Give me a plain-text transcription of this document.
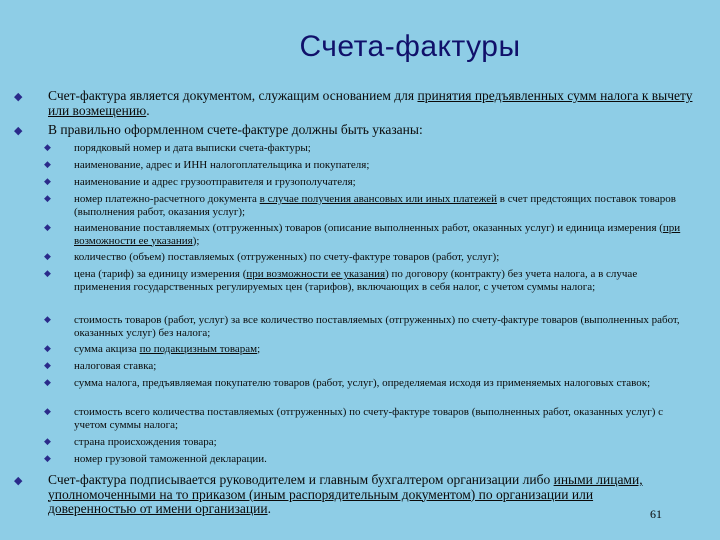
Счета-фактуры
◆ Счет-фактура является документом, служащим основанием для принятия предъявленных сумм налога к вычету или возмещению.
◆ В правильно оформленном счете-фактуре должны быть указаны:
◆ порядковый номер и дата выписки счета-фактуры;
◆ наименование, адрес и ИНН налогоплательщика и покупателя;
◆ наименование и адрес грузоотправителя и грузополучателя;
◆ номер платежно-расчетного документа в случае получения авансовых или иных платежей в счет предстоящих поставок товаров (выполнения работ, оказания услуг);
◆ наименование поставляемых (отгруженных) товаров (описание выполненных работ, оказанных услуг) и единица измерения (при возможности ее указания);
◆ количество (объем) поставляемых (отгруженных) по счету-фактуре товаров (работ, услуг);
◆ цена (тариф) за единицу измерения (при возможности ее указания) по договору (контракту) без учета налога, а в случае применения государственных регулируемых цен (тарифов), включающих в себя налог, с учетом суммы налога;
◆ стоимость товаров (работ, услуг) за все количество поставляемых (отгруженных) по счету-фактуре товаров (выполненных работ, оказанных услуг) без налога;
◆ сумма акциза по подакцизным товарам;
◆ налоговая ставка;
◆ сумма налога, предъявляемая покупателю товаров (работ, услуг), определяемая исходя из применяемых налоговых ставок;
◆ стоимость всего количества поставляемых (отгруженных) по счету-фактуре товаров (выполненных работ, оказанных услуг) с учетом суммы налога;
◆ страна происхождения товара;
◆ номер грузовой таможенной декларации.
◆ Счет-фактура подписывается руководителем и главным бухгалтером организации либо иными лицами, уполномоченными на то приказом (иным распорядительным документом) по организации или доверенностью от имени организации.	61
